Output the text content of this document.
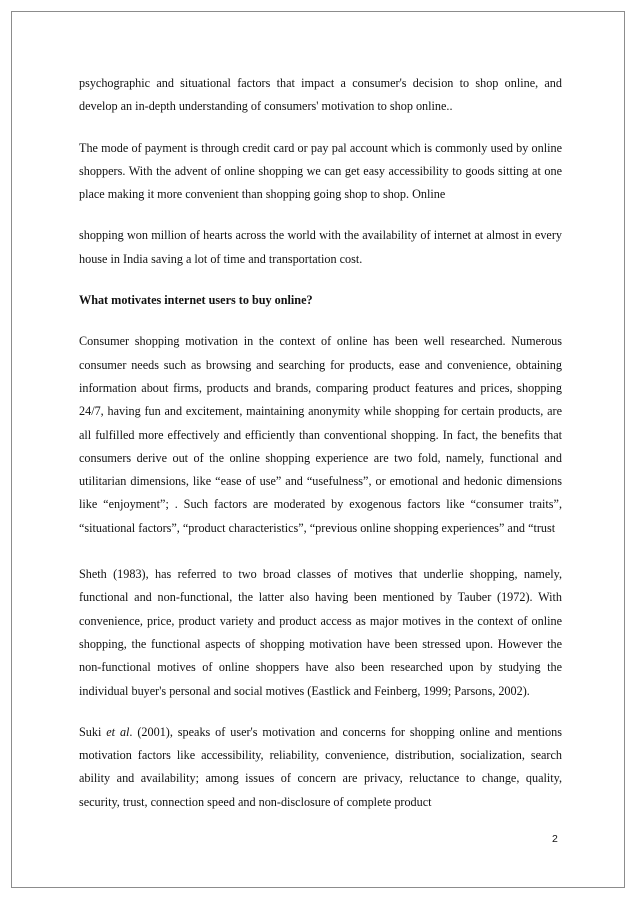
psychographic and situational factors that impact a consumer's decision to shop online, and develop an in-depth understanding of consumers' motivation to shop online..

The mode of payment is through credit card or pay pal account which is commonly used by online shoppers. With the advent of online shopping we can get easy accessibility to goods sitting at one place making it more convenient than shopping going shop to shop. Online

shopping won million of hearts across the world with the availability of internet at almost in every house in India saving a lot of time and transportation cost.

What motivates internet users to buy online?

Consumer shopping motivation in the context of online has been well researched. Numerous consumer needs such as browsing and searching for products, ease and convenience, obtaining information about firms, products and brands, comparing product features and prices, shopping 24/7, having fun and excitement, maintaining anonymity while shopping for certain products, are all fulfilled more effectively and efficiently than conventional shopping. In fact, the benefits that consumers derive out of the online shopping experience are two fold, namely, functional and utilitarian dimensions, like “ease of use” and “usefulness”, or emotional and hedonic dimensions like “enjoyment”; . Such factors are moderated by exogenous factors like “consumer traits”, “situational factors”, “product characteristics”, “previous online shopping experiences” and “trust

Sheth (1983), has referred to two broad classes of motives that underlie shopping, namely, functional and non-functional, the latter also having been mentioned by Tauber (1972). With convenience, price, product variety and product access as major motives in the context of online shopping, the functional aspects of shopping motivation have been stressed upon. However the non-functional motives of online shoppers have also been researched upon by studying the individual buyer's personal and social motives (Eastlick and Feinberg, 1999; Parsons, 2002).

Suki et al. (2001), speaks of user's motivation and concerns for shopping online and mentions motivation factors like accessibility, reliability, convenience, distribution, socialization, search ability and availability; among issues of concern are privacy, reluctance to change, quality, security, trust, connection speed and non-disclosure of complete product

2
